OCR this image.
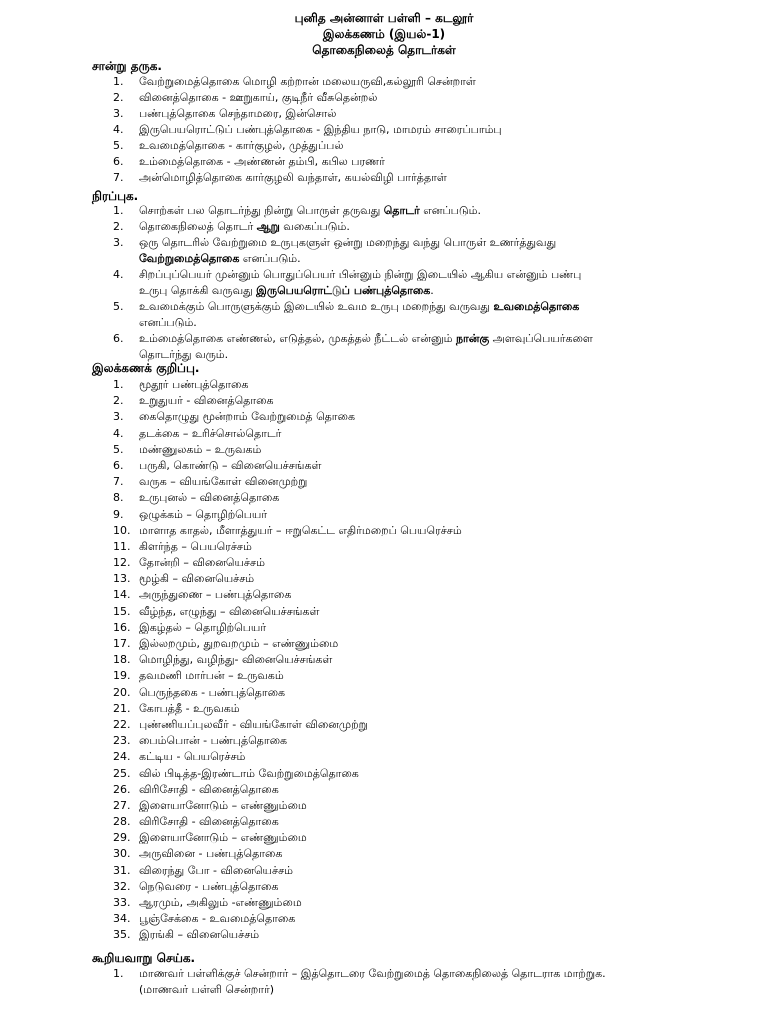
புனித அன்னாள் பள்ளி – கடலூர்
இலக்கணம் (இயல்-1)
தொகைநிலைத் தொடர்கள்
சான்று தருக.
1.	வேற்றுமைத்தொகை மொழி கற்றான் மலையருவி,கல்லூரி சென்றாள்
2.	வினைத்தொகை - ஊறுகாய், குடிநீர் வீசுதென்றல்
3.	பண்புத்தொகை செந்தாமரை, இன்சொல்
4.	இருபெயரொட்டுப் பண்புத்தொகை - இந்திய நாடு, மாமரம் சாரைப்பாம்பு
5.	உவமைத்தொகை - கார்குழல், முத்துப்பல்
6.	உம்மைத்தொகை - அண்ணன் தம்பி, கபில பரணர்
7.	அன்மொழித்தொகை கார்குழலி வந்தாள், கயல்விழி பார்த்தாள்
நிரப்புக.
1.	சொற்கள் பல தொடர்ந்து நின்று பொருள் தருவது தொடர் எனப்படும்.
2.	தொகைநிலைத் தொடர் ஆறு வகைப்படும்.
3.	ஒரு தொடரில் வேற்றுமை உருபுகளுள் ஒன்று மறைந்து வந்து பொருள் உணர்த்துவது வேற்றுமைத்தொகை எனப்படும்.
4.	சிறப்புப்பெயர் முன்னும் பொதுப்பெயர் பின்னும் நின்று இடையில் ஆகிய என்னும் பண்பு உருபு தொக்கி வருவது இருபெயரொட்டுப் பண்புத்தொகை.
5.	உவமைக்கும் பொருளுக்கும் இடையில் உவம உருபு மறைந்து வருவது உவமைத்தொகை எனப்படும்.
6.	உம்மைத்தொகை எண்ணல், எடுத்தல், முகத்தல் நீட்டல் என்னும் நான்கு அளவுப்பெயர்களை தொடர்ந்து வரும்.
இலக்கணக் குறிப்பு.
1.	மூதூர் பண்புத்தொகை
2.	உறுதுயர் - வினைத்தொகை
3.	கைதொழுது மூன்றாம் வேற்றுமைத் தொகை
4.	தடக்கை – உரிச்சொல்தொடர்
5.	மண்ணுலகம் – உருவகம்
6.	பருகி, கொண்டு – வினையெச்சங்கள்
7.	வருக – வியங்கோள் வினைமுற்று
8.	உருபுனல் – வினைத்தொகை
9.	ஒழுக்கம் – தொழிற்பெயர்
10. மாளாத காதல், மீளாத்துயர் – ஈறுகெட்ட எதிர்மறைப் பெயரெச்சம்
11. கிளர்ந்த – பெயரெச்சம்
12. தோன்றி – வினையெச்சம்
13. மூழ்கி – வினையெச்சம்
14. அருந்துணை – பண்புத்தொகை
15. வீழ்ந்த, எழுந்து – வினையெச்சங்கள்
16. இகழ்தல் – தொழிற்பெயர்
17. இல்லறமும், துறவறமும் – எண்ணும்மை
18. மொழிந்து, வழிந்து- வினையெச்சங்கள்
19. தவமணி மார்பன் – உருவகம்
20. பெருந்தகை - பண்புத்தொகை
21. கோபத்தீ - உருவகம்
22. புண்ணியப்புலவீர் - வியங்கோள் வினைமுற்று
23. பைம்பொன் - பண்புத்தொகை
24. கட்டிய - பெயரெச்சம்
25. வில் பிடித்த-இரண்டாம் வேற்றுமைத்தொகை
26. விரிசோதி - வினைத்தொகை
27. இளையானோடும் – எண்ணும்மை
28. விரிசோதி - வினைத்தொகை
29. இளையானோடும் – எண்ணும்மை
30. அருவினை - பண்புத்தொகை
31. விரைந்து போ - வினையெச்சம்
32. நெடுவரை - பண்புத்தொகை
33. ஆரமும், அகிலும் -எண்ணும்மை
34. பூஞ்சேக்கை - உவமைத்தொகை
35. இரங்கி – வினையெச்சம்
கூறியவாறு செய்க.
1.	மாணவர் பள்ளிக்குச் சென்றார் – இத்தொடரை வேற்றுமைத் தொகைநிலைத் தொடராக மாற்றுக. (மாணவர் பள்ளி சென்றார்)
